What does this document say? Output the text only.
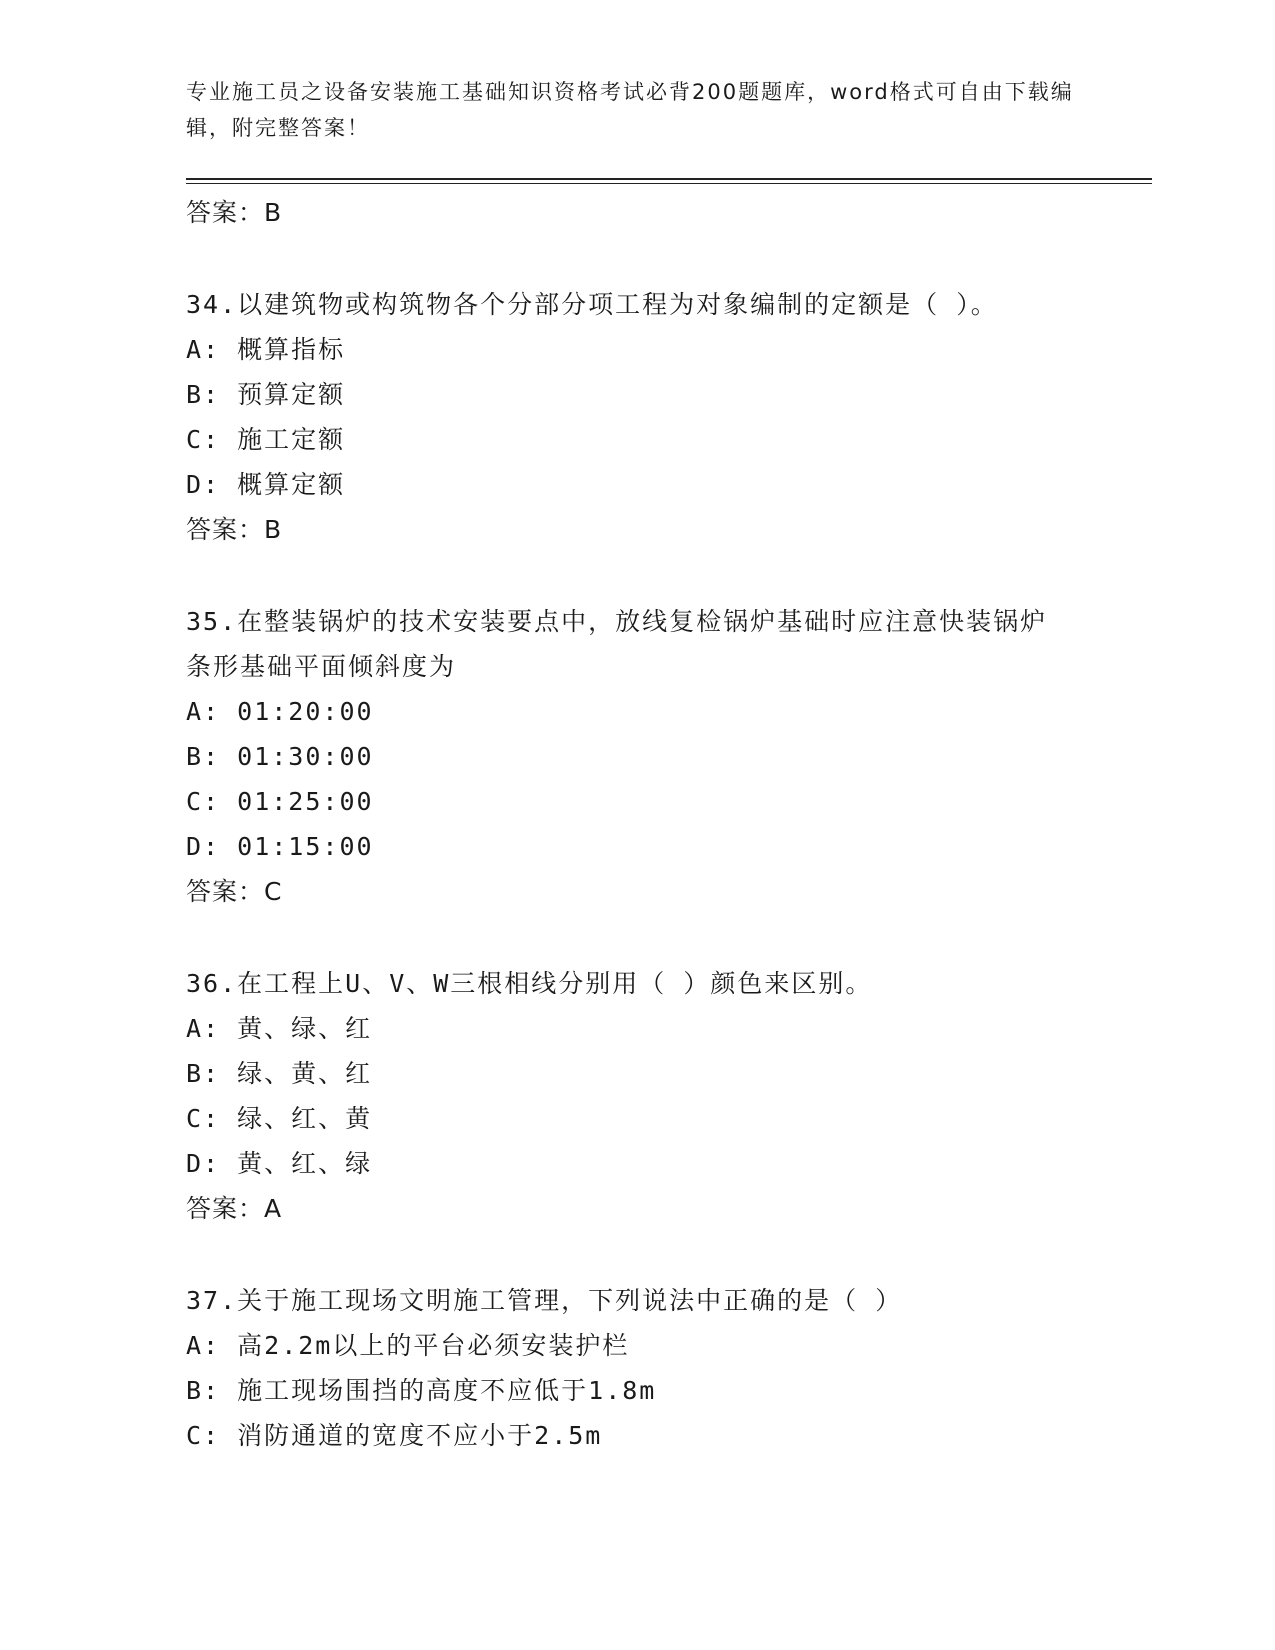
专业施工员之设备安装施工基础知识资格考试必背200题题库，word格式可自由下载编辑，附完整答案！
答案：B
34.以建筑物或构筑物各个分部分项工程为对象编制的定额是（ ）。
A: 概算指标
B: 预算定额
C: 施工定额
D: 概算定额
答案：B
35.在整装锅炉的技术安装要点中，放线复检锅炉基础时应注意快装锅炉条形基础平面倾斜度为
A: 01:20:00
B: 01:30:00
C: 01:25:00
D: 01:15:00
答案：C
36.在工程上U、V、W三根相线分别用（ ）颜色来区别。
A: 黄、绿、红
B: 绿、黄、红
C: 绿、红、黄
D: 黄、红、绿
答案：A
37.关于施工现场文明施工管理，下列说法中正确的是（ ）
A: 高2.2m以上的平台必须安装护栏
B: 施工现场围挡的高度不应低于1.8m
C: 消防通道的宽度不应小于2.5m
